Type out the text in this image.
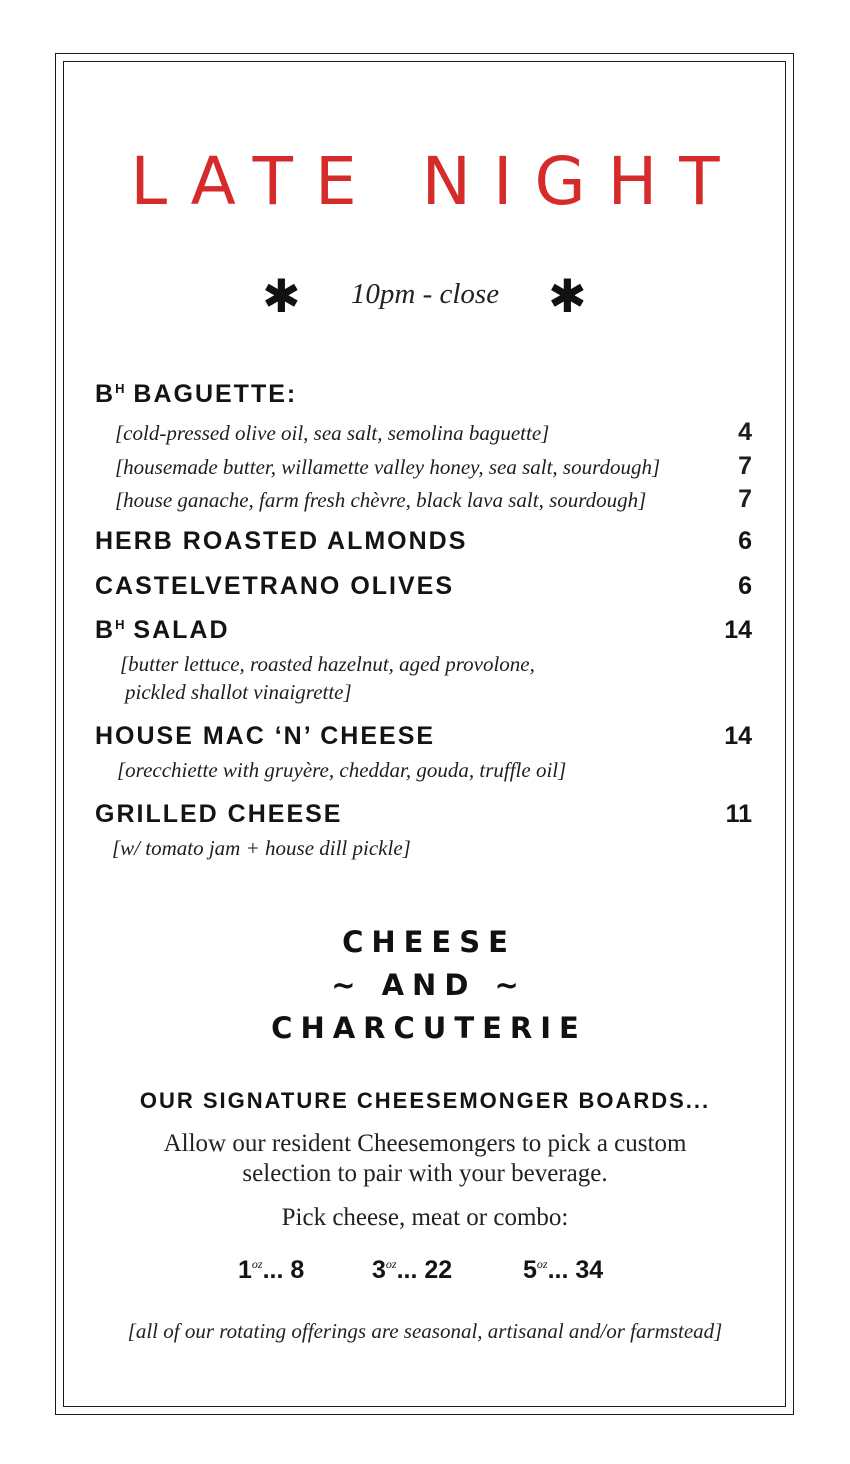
LATE NIGHT
✱	10pm - close	✱
$B^H$ BAGUETTE:
[cold-pressed olive oil, sea salt, semolina baguette]	4
[housemade butter, willamette valley honey, sea salt, sourdough]	7
[house ganache, farm fresh chèvre, black lava salt, sourdough]	7
HERB ROASTED ALMONDS	6
CASTELVETRANO OLIVES	6
$B^H$ SALAD	14
[butter lettuce, roasted hazelnut, aged provolone,
pickled shallot vinaigrette]
HOUSE MAC ‘N’ CHEESE	14
[orecchiette with gruyère, cheddar, gouda, truffle oil]
GRILLED CHEESE	11
[w/ tomato jam + house dill pickle]
CHEESE
~ AND ~
CHARCUTERIE
OUR SIGNATURE CHEESEMONGER BOARDS...
Allow our resident Cheesemongers to pick a custom
selection to pair with your beverage.
Pick cheese, meat or combo:
$1^{oz}$... 8	$3^{oz}$... 22	$5^{oz}$... 34
[all of our rotating offerings are seasonal, artisanal and/or farmstead]
